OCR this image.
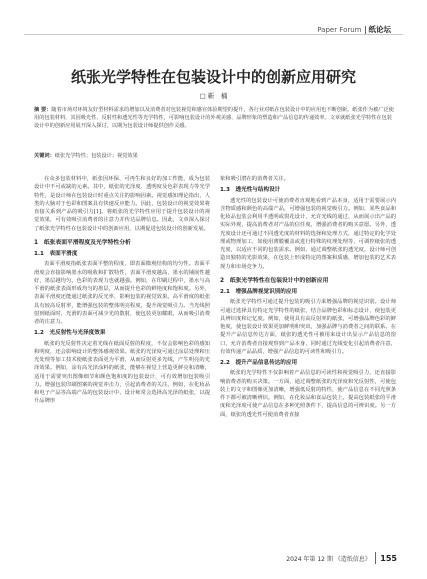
Paper Forum 纸论坛
纸张光学特性在包装设计中的创新应用研究
□ 靳　楠
摘 要：随着市场对环境友好型材料需求的增加以及消费者对包装视觉和感官体验期望的提升，各行业对纸在包装设计中的应用也不断创新。纸张作为被广泛使用的包装材料，其因吸光性、反射性和透光性等光学特性，可影响包装设计的外观美感、品牌形象的塑造和产品信息的传递效率。文章就纸张光学特性在包装设计中的创新应用展开深入探讨，以期为包装设计师提供创作灵感。
关键词：纸张光学特性；包装设计；视觉效果

在众多包装材料中，纸张因环保、可再生和良好的加工性能，成为包装设计中不可或缺的元素。其中，纸张的光泽度、透明度及色彩表现力等光学特性，是设计师在包装设计时重点关注的影响因素。视觉感知理论指出，人类的大脑对于色彩和图案具有快速反应能力。因此，包装设计的视觉效果将直接关系到产品的吸引力[1]。将纸张的光学特性应用于提升包装设计的视觉效果，可有效吸引消费者的注意力并传达品牌信息。因此，文章深入探讨了纸张光学特性在包装设计中的创新应用，以期促进包装设计的创新发展。

1　纸张表面平滑程度及光学特性分析
1.1　表面平滑度

表面平滑度指纸张表面平整的程度，即表面微观结构的均匀性。表面平滑度会直接影响墨水的吸收和扩散特性，表面平滑度越高，墨水的铺展性越好，墨层越均匀，色彩的表现力也就越强。例如，在印刷过程中，墨水与高平滑的纸张表面形成均匀的墨层，从而提升色彩的鲜艳度和饱和度。另外，表面平滑度还能通过纸张的反光率，影响包装的视觉效果。高平滑度的纸张具有较高反射率，能增强包装的整体明亮程度，提升视觉吸引力。当光线照射到纸面时，光滑的表面可减少光的散射，使包装更加耀眼，从而吸引消费者的注意力。

1.2　光反射性与光泽度效果

纸张的光反射性决定着光线在纸面反射的程度，不仅会影响色彩的感知和明度，还会影响设计的整体感观效果。纸张的光泽度可通过涂层处理和压光处理等加工技术使纸张表面更为平滑，从而反射更多光线，产生明亮的光泽效果。例如，涂有高光泽涂料的纸张，能够在视觉上营造更鲜亮和清晰，适用于需要突出图像细节和颜色饱和度的包装设计，可有效增加包装吸引力。增强包装印刷图案的视觉冲击力，引起消费者的关注。例如，在化妆品和电子产品等高端产品的包装设计中，设计师常会选择高光泽的纸张，以提升品牌形

象和吸引潜在的消费者关注。

1.3　透光性与结构设计

透光性的包装设计可使消费者直观地看到产品本身，适用于需要展示内含物质感和颜色的高端产品，可增强包装的视觉吸引力。例如，某些食品和化妆品包装会利用半透明或窗花设计，允许光线的通过，从而展示出产品的实际外观，提高消费者对产品的信任度，增强消费者的购买意愿。另外，透光度设计还可通过不同透光度的材料的选择和处理方式，通过特定的化学处理或物理加工，如使用薄膜覆盖或进行特殊的纹理处理等，可调控纸张的透光度，以适应不同的包装需求。例如，通过调整纸张的透光度，设计师可创造出独特的光影效果，在包装上形成特定的图案和质感，增加包装的艺术表现力和市场竞争力。

2　纸张光学特性在包装设计中的创新应用
2.1　增强品牌视觉识别的应用

纸张光学特性可通过提升包装的吸引力来增强品牌的视觉识别。设计师可通过选择具有特定光学特性的纸张，结合品牌色彩和标志设计，使包装更具辨识度和记忆度。例如，使用具有高反射率的纸张，可增强品牌色彩的鲜艳度，使包装设计效果更加鲜明和突出，加强品牌与消费者之间的联系。在提升产品信息传达方面，纸张的透光性可被用来设计出显示产品信息的窗口，允许消费者直接观察到产品本身，同时通过光线变化引起消费者注意，有效传递产品品质，增强产品信息的可读性和吸引力。

2.2　提升产品信息传达的应用

纸张的光学特性不仅影响着产品信息的可读性和视觉吸引力，还直接影响消费者的购买决策。一方面，通过调整纸张的光泽度和光反射性，可使包装上的文字和图像更加清晰，增强低反射的特性，使产品信息在不同光照条件下都可被清晰辨识。例如，在化妆品和食品包装上，提高包装纸张的平滑度和光泽度可使产品信息在多种光照条件下，提高信息的可辨识度。另一方面，纸张的透光性可使消费者直接

2024 年第 12 期 《造纸信息》 155
